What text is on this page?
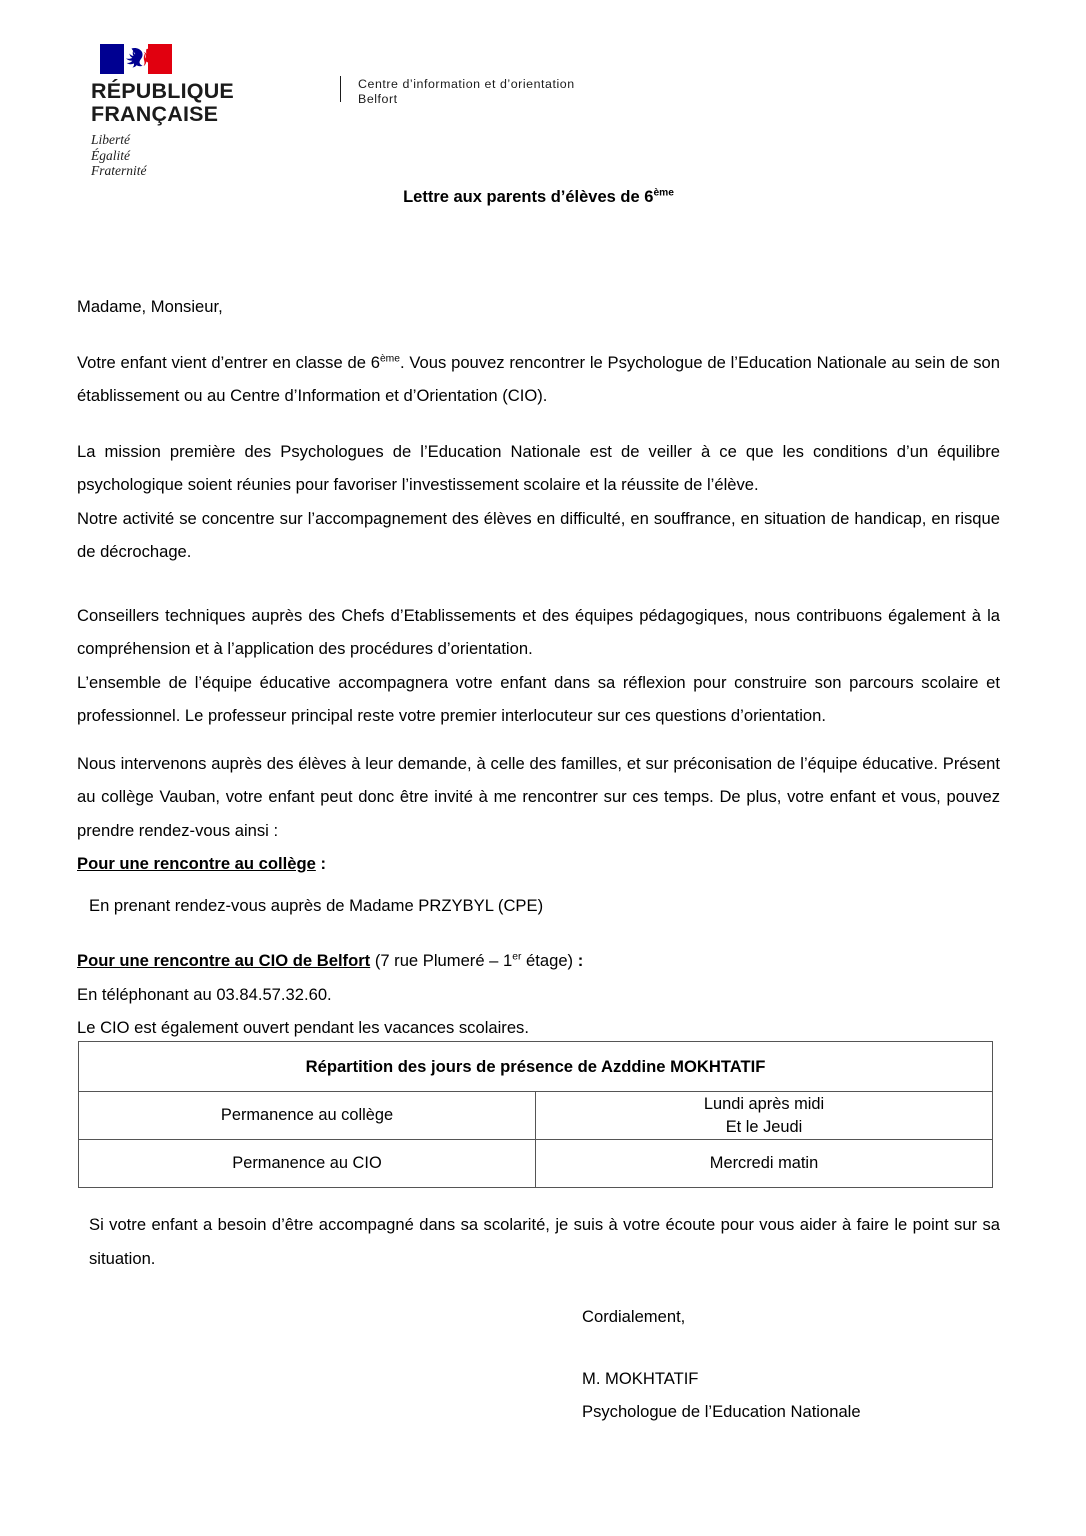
RÉPUBLIQUE
FRANÇAISE
Liberté
Égalité
Fraternité
Centre d’information et d’orientation
Belfort
Lettre aux parents d’élèves de 6ème

Madame, Monsieur,

Votre enfant vient d’entrer en classe de 6ème. Vous pouvez rencontrer le Psychologue de l’Education Nationale au sein de son établissement ou au Centre d’Information et d’Orientation (CIO).

La mission première des Psychologues de l’Education Nationale est de veiller à ce que les conditions d’un équilibre psychologique soient réunies pour favoriser l’investissement scolaire et la réussite de l’élève.

Notre activité se concentre sur l’accompagnement des élèves en difficulté, en souffrance, en situation de handicap, en risque de décrochage.

Conseillers techniques auprès des Chefs d’Etablissements et des équipes pédagogiques, nous contribuons également à la compréhension et à l’application des procédures d’orientation.

L’ensemble de l’équipe éducative accompagnera votre enfant dans sa réflexion pour construire son parcours scolaire et professionnel. Le professeur principal reste votre premier interlocuteur sur ces questions d’orientation.

Nous intervenons auprès des élèves à leur demande, à celle des familles, et sur préconisation de l’équipe éducative. Présent au collège Vauban, votre enfant peut donc être invité à me rencontrer sur ces temps. De plus, votre enfant et vous, pouvez prendre rendez-vous ainsi :

Pour une rencontre au collège :

En prenant rendez-vous auprès de Madame PRZYBYL (CPE)

Pour une rencontre au CIO de Belfort (7 rue Plumeré – 1er étage) :

En téléphonant au 03.84.57.32.60.

Le CIO est également ouvert pendant les vacances scolaires.

Répartition des jours de présence de Azddine MOKHTATIF	
Permanence au collège	Lundi après midi
Et le Jeudi
Permanence au CIO	Mercredi matin

Si votre enfant a besoin d’être accompagné dans sa scolarité, je suis à votre écoute pour vous aider à faire le point sur sa situation.

Cordialement,
M. MOKHTATIF
Psychologue de l’Education Nationale
